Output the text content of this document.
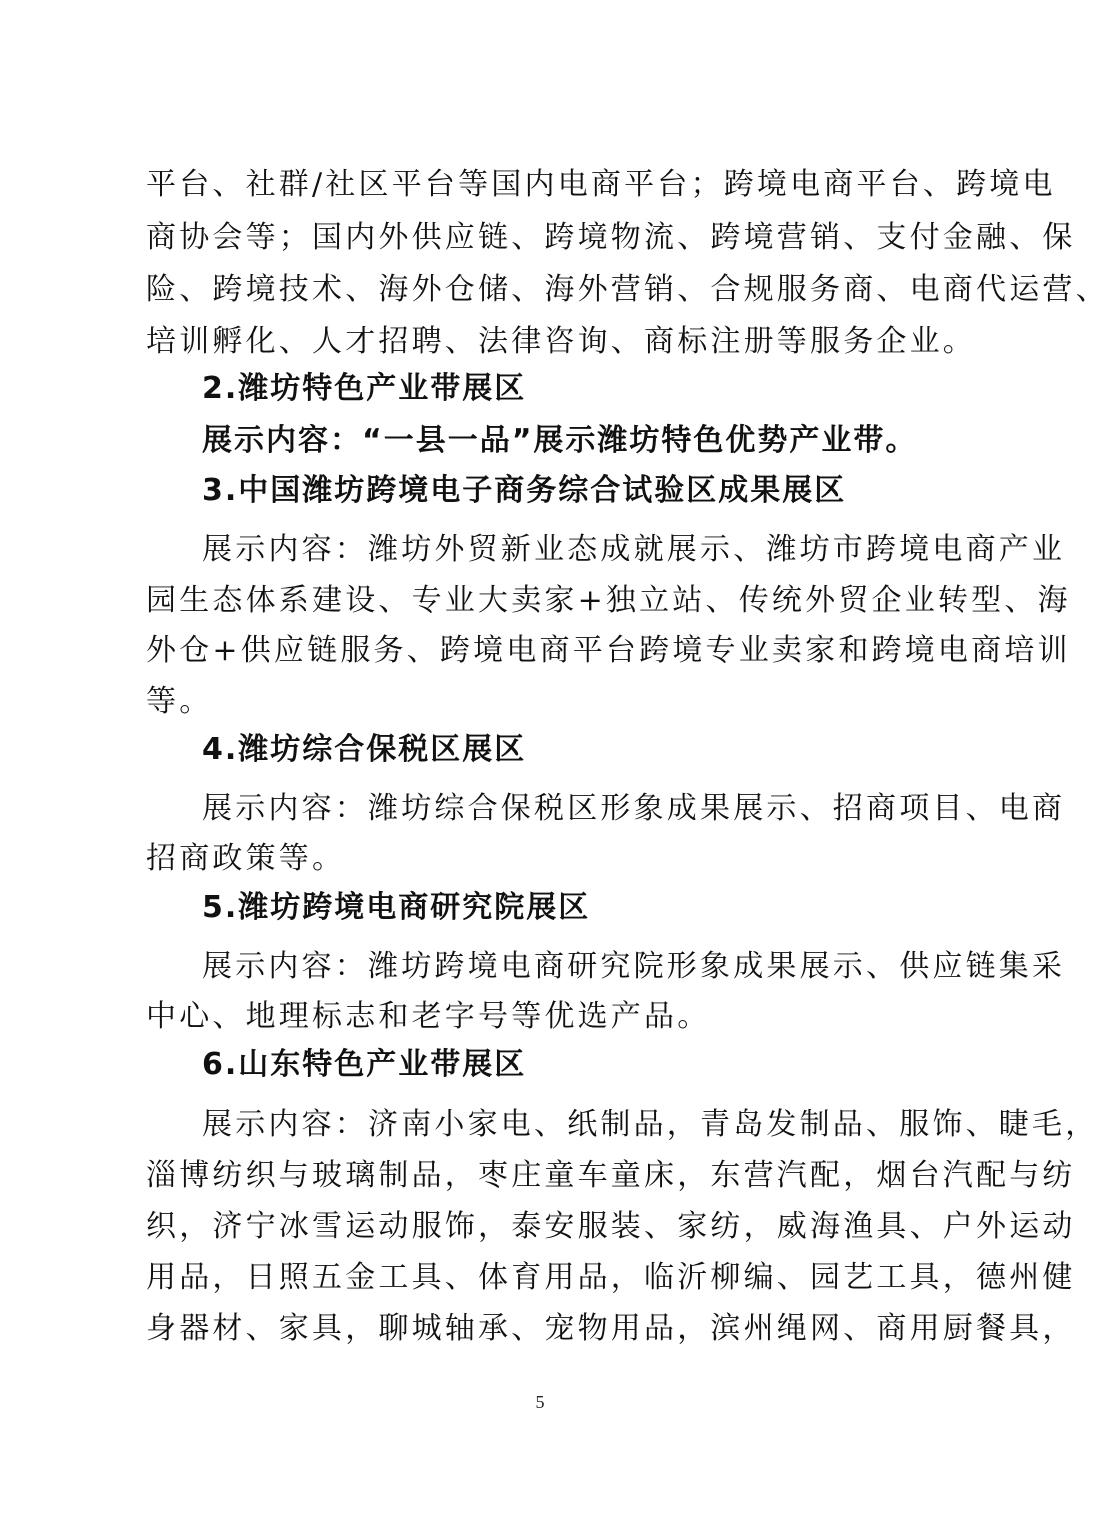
平台、社群/社区平台等国内电商平台；跨境电商平台、跨境电
商协会等；国内外供应链、跨境物流、跨境营销、支付金融、保
险、跨境技术、海外仓储、海外营销、合规服务商、电商代运营、
培训孵化、人才招聘、法律咨询、商标注册等服务企业。
2.潍坊特色产业带展区
展示内容：“一县一品”展示潍坊特色优势产业带。
3.中国潍坊跨境电子商务综合试验区成果展区
展示内容：潍坊外贸新业态成就展示、潍坊市跨境电商产业
园生态体系建设、专业大卖家+独立站、传统外贸企业转型、海
外仓+供应链服务、跨境电商平台跨境专业卖家和跨境电商培训
等。
4.潍坊综合保税区展区
展示内容：潍坊综合保税区形象成果展示、招商项目、电商
招商政策等。
5.潍坊跨境电商研究院展区
展示内容：潍坊跨境电商研究院形象成果展示、供应链集采
中心、地理标志和老字号等优选产品。
6.山东特色产业带展区
展示内容：济南小家电、纸制品，青岛发制品、服饰、睫毛，
淄博纺织与玻璃制品，枣庄童车童床，东营汽配，烟台汽配与纺
织，济宁冰雪运动服饰，泰安服装、家纺，威海渔具、户外运动
用品，日照五金工具、体育用品，临沂柳编、园艺工具，德州健
身器材、家具，聊城轴承、宠物用品，滨州绳网、商用厨餐具，
5
